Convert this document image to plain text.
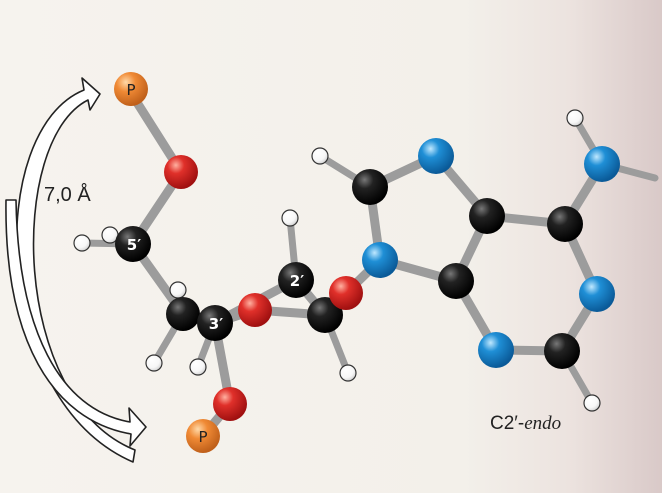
P
P
5′
3′
2′
7,0 Å
C2′-endo
